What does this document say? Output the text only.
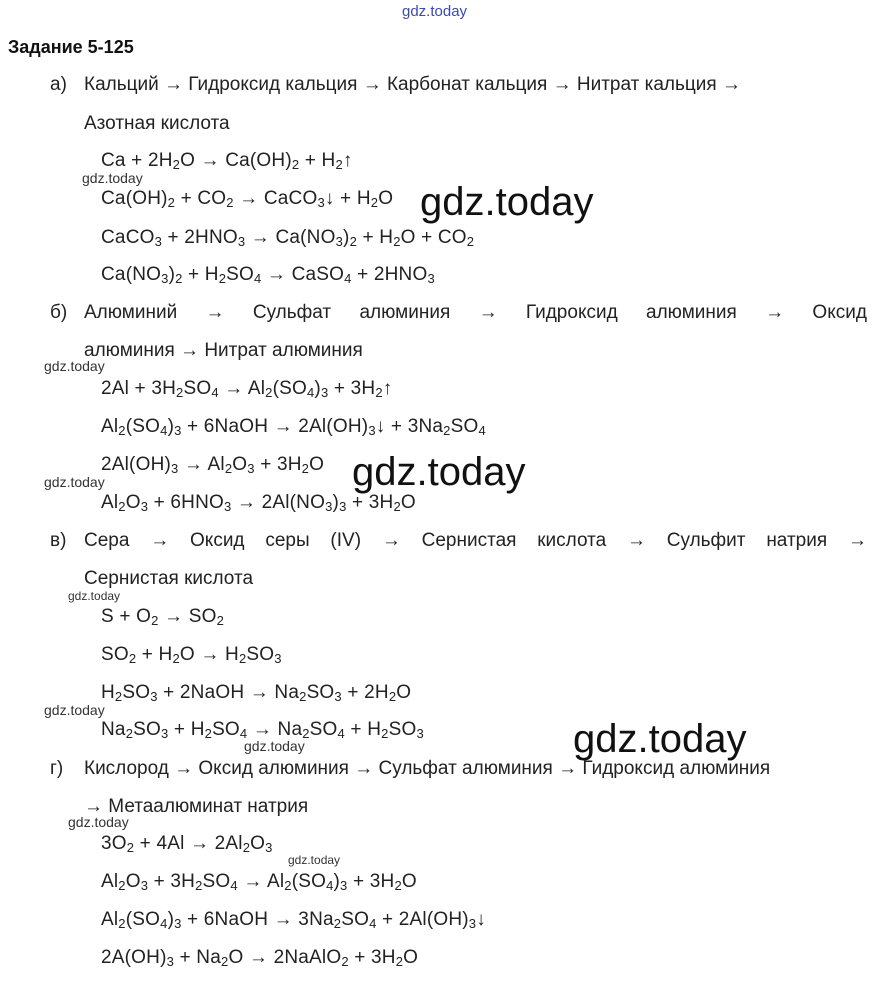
gdz.today
Задание 5-125
а) Кальций → Гидроксид кальция → Карбонат кальция → Нитрат кальция →
Азотная кислота
$Ca + 2H_2O \to Ca(OH)_2$ + $H_2↑$
$Ca(OH)_2 + CO_2$ → CaCO$_3$↓ + $H_2O$
CaCO$_3$ + $2HNO_3 \to Ca(NO_3)_2 + H_2O + CO_2$
$Ca(NO_3)_2 + H_2SO_4$ → CaSO$_4$ + $2HNO_3$
б) Алюминий → Сульфат алюминия → Гидроксид алюминия → Оксид
алюминия → Нитрат алюминия
$2Al + 3H_2SO_4 \to Al_2(SO_4)_3$ + $3H_2↑$
$Al_2(SO_4)_3$ + 6NaOH → $2Al(OH)_3↓ + 3Na_2SO_4$
$2Al(OH)_3 \to Al_2O_3 + 3H_2O$
$Al_2O_3 + 6HNO_3 \to 2Al(NO_3)_3 + 3H_2O$
в) Сера → Оксид серы (IV) → Сернистая кислота → Сульфит натрия →
Сернистая кислота
$S + O_2 \to SO_2$
$SO_2 + H_2O \to H_2SO_3$
$H_2SO_3$ + 2NaOH → $Na_2SO_3 + 2H_2O$
$Na_2SO_3 + H_2SO_4 \to Na_2SO_4 + H_2SO_3$
г) Кислород → Оксид алюминия → Сульфат алюминия → Гидроксид алюминия
→ Метаалюминат натрия
$3O_2 + 4Al \to 2Al_2O_3$
$Al_2O_3 + 3H_2SO_4 \to Al_2(SO_4)_3 + 3H_2O$
$Al_2(SO_4)_3$ + 6NaOH → $3Na_2SO_4$ + $2Al(OH)_3↓$
$2A(OH)_3 + Na_2O$ → 2NaAlO$_2$ + $3H_2O$
gdz.today
gdz.today
gdz.today
gdz.today
gdz.today
gdz.today
gdz.today
gdz.today
gdz.today
gdz.today
gdz.today
